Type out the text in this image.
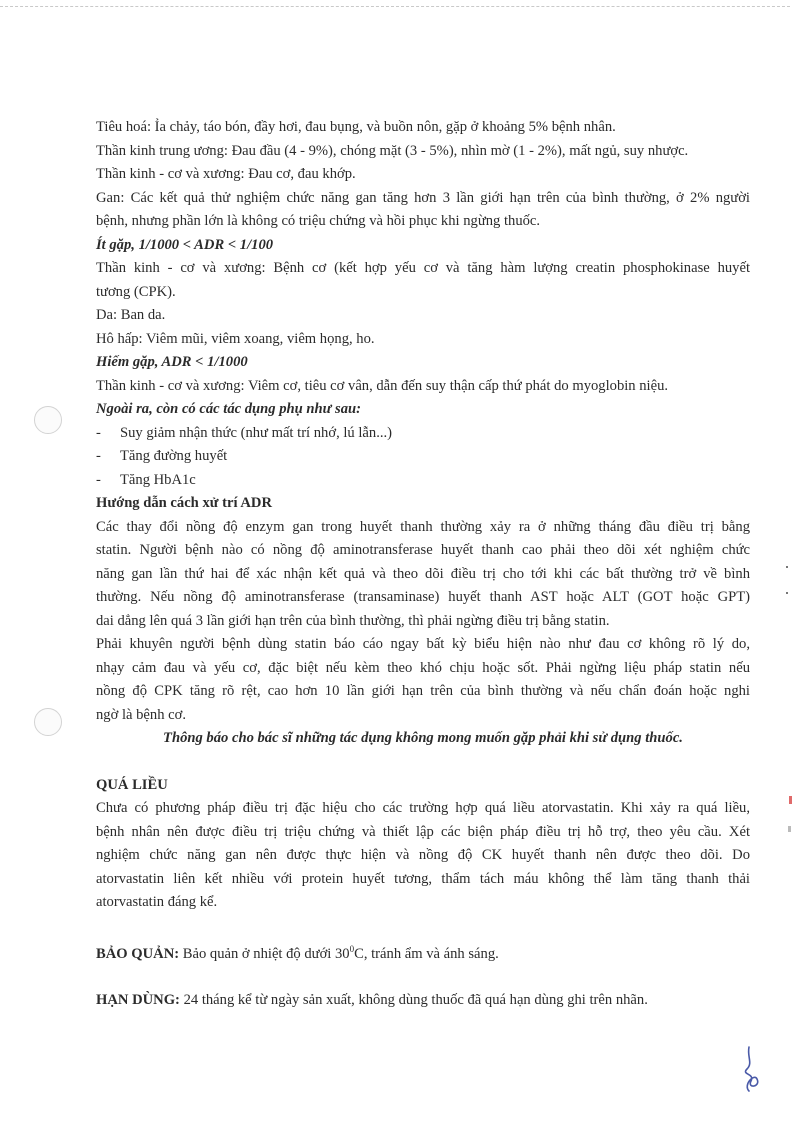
Tiêu hoá: Ỉa chảy, táo bón, đầy hơi, đau bụng, và buồn nôn, gặp ở khoảng 5% bệnh nhân.
Thần kinh trung ương: Đau đầu (4 - 9%), chóng mặt (3 - 5%), nhìn mờ (1 - 2%), mất ngủ, suy nhược.
Thần kinh - cơ và xương: Đau cơ, đau khớp.
Gan: Các kết quả thử nghiệm chức năng gan tăng hơn 3 lần giới hạn trên của bình thường, ở 2% người
bệnh, nhưng phần lớn là không có triệu chứng và hồi phục khi ngừng thuốc.
Ít gặp, 1/1000 < ADR < 1/100
Thần kinh - cơ và xương: Bệnh cơ (kết hợp yếu cơ và tăng hàm lượng creatin phosphokinase huyết
tương (CPK).
Da: Ban da.
Hô hấp: Viêm mũi, viêm xoang, viêm họng, ho.
Hiếm gặp, ADR < 1/1000
Thần kinh - cơ và xương: Viêm cơ, tiêu cơ vân, dẫn đến suy thận cấp thứ phát do myoglobin niệu.
Ngoài ra, còn có các tác dụng phụ như sau:
- Suy giảm nhận thức (như mất trí nhớ, lú lẫn...)
- Tăng đường huyết
- Tăng HbA1c
Hướng dẫn cách xử trí ADR
Các thay đổi nồng độ enzym gan trong huyết thanh thường xảy ra ở những tháng đầu điều trị bằng
statin. Người bệnh nào có nồng độ aminotransferase huyết thanh cao phải theo dõi xét nghiệm chức
năng gan lần thứ hai để xác nhận kết quả và theo dõi điều trị cho tới khi các bất thường trở về bình
thường. Nếu nồng độ aminotransferase (transaminase) huyết thanh AST hoặc ALT (GOT hoặc GPT)
dai dẳng lên quá 3 lần giới hạn trên của bình thường, thì phải ngừng điều trị bằng statin.
Phải khuyên người bệnh dùng statin báo cáo ngay bất kỳ biểu hiện nào như đau cơ không rõ lý do,
nhạy cảm đau và yếu cơ, đặc biệt nếu kèm theo khó chịu hoặc sốt. Phải ngừng liệu pháp statin nếu
nồng độ CPK tăng rõ rệt, cao hơn 10 lần giới hạn trên của bình thường và nếu chẩn đoán hoặc nghi
ngờ là bệnh cơ.
Thông báo cho bác sĩ những tác dụng không mong muốn gặp phải khi sử dụng thuốc.
QUÁ LIỀU
Chưa có phương pháp điều trị đặc hiệu cho các trường hợp quá liều atorvastatin. Khi xảy ra quá liều,
bệnh nhân nên được điều trị triệu chứng và thiết lập các biện pháp điều trị hỗ trợ, theo yêu cầu. Xét
nghiệm chức năng gan nên được thực hiện và nồng độ CK huyết thanh nên được theo dõi. Do
atorvastatin liên kết nhiều với protein huyết tương, thẩm tách máu không thể làm tăng thanh thải
atorvastatin đáng kể.
BẢO QUẢN: Bảo quản ở nhiệt độ dưới $30^0C$, tránh ẩm và ánh sáng.
HẠN DÙNG: 24 tháng kể từ ngày sản xuất, không dùng thuốc đã quá hạn dùng ghi trên nhãn.
